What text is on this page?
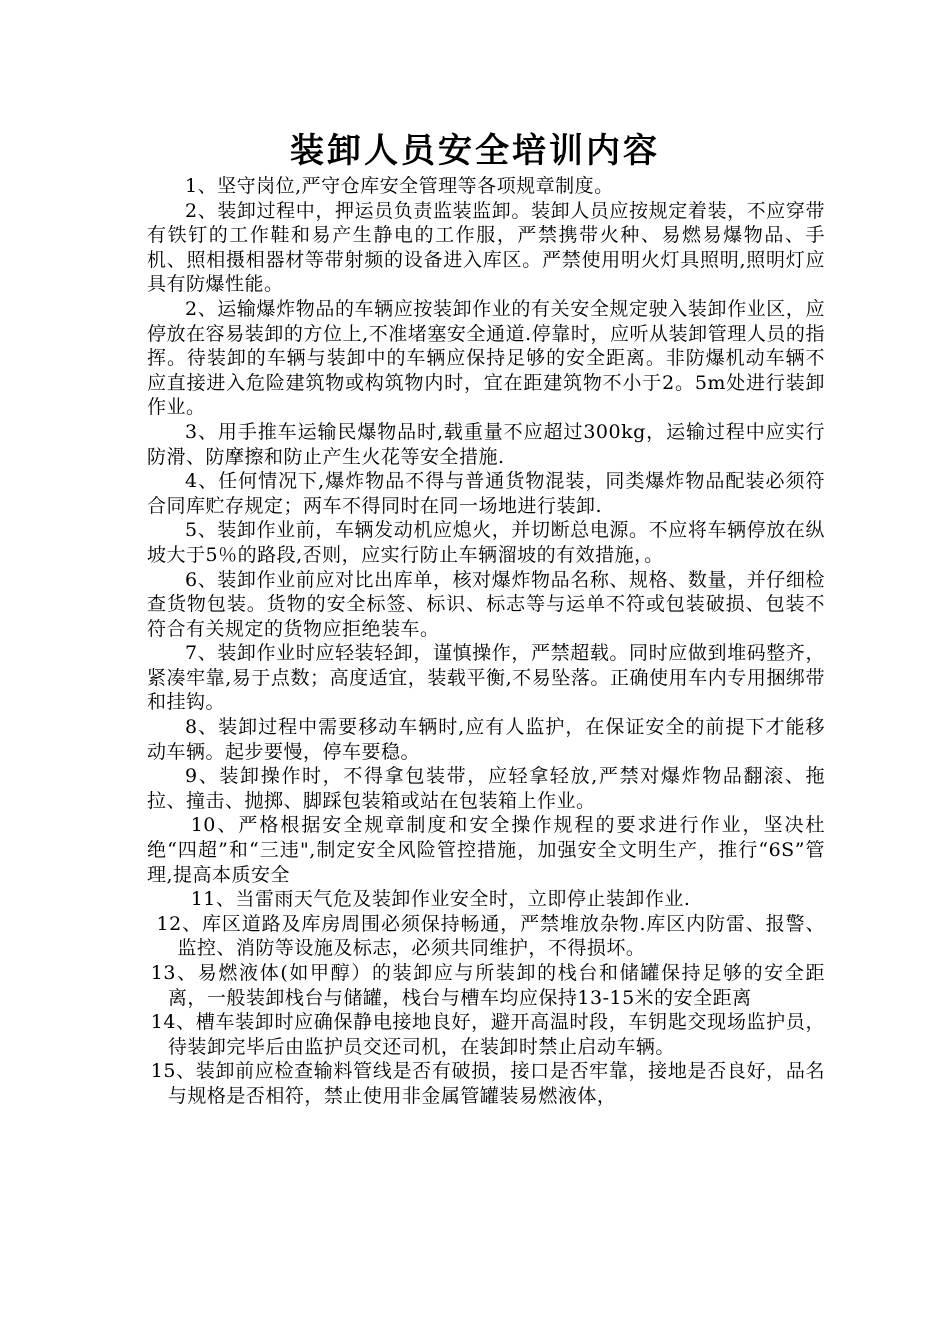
装卸人员安全培训内容

1、坚守岗位,严守仓库安全管理等各项规章制度。

2、装卸过程中，押运员负责监装监卸。装卸人员应按规定着装，不应穿带有铁钉的工作鞋和易产生静电的工作服，严禁携带火种、易燃易爆物品、手机、照相摄相器材等带射频的设备进入库区。严禁使用明火灯具照明,照明灯应具有防爆性能。

2、运输爆炸物品的车辆应按装卸作业的有关安全规定驶入装卸作业区，应停放在容易装卸的方位上,不准堵塞安全通道.停靠时，应听从装卸管理人员的指挥。待装卸的车辆与装卸中的车辆应保持足够的安全距离。非防爆机动车辆不应直接进入危险建筑物或构筑物内时，宜在距建筑物不小于2。5m处进行装卸作业。

3、用手推车运输民爆物品时,载重量不应超过300kg，运输过程中应实行防滑、防摩擦和防止产生火花等安全措施.

4、任何情况下,爆炸物品不得与普通货物混装，同类爆炸物品配装必须符合同库贮存规定；两车不得同时在同一场地进行装卸.

5、装卸作业前，车辆发动机应熄火，并切断总电源。不应将车辆停放在纵坡大于5％的路段,否则，应实行防止车辆溜坡的有效措施，。

6、装卸作业前应对比出库单，核对爆炸物品名称、规格、数量，并仔细检查货物包装。货物的安全标签、标识、标志等与运单不符或包装破损、包装不符合有关规定的货物应拒绝装车。

7、装卸作业时应轻装轻卸，谨慎操作，严禁超载。同时应做到堆码整齐，紧凑牢靠,易于点数；高度适宜，装载平衡,不易坠落。正确使用车内专用捆绑带和挂钩。

8、装卸过程中需要移动车辆时,应有人监护，在保证安全的前提下才能移动车辆。起步要慢，停车要稳。

9、装卸操作时，不得拿包装带，应轻拿轻放,严禁对爆炸物品翻滚、拖拉、撞击、抛掷、脚踩包装箱或站在包装箱上作业。

10、严格根据安全规章制度和安全操作规程的要求进行作业，坚决杜绝“四超”和“三违",制定安全风险管控措施，加强安全文明生产，推行“6S”管理,提高本质安全

11、当雷雨天气危及装卸作业安全时，立即停止装卸作业.

12、库区道路及库房周围必须保持畅通，严禁堆放杂物.库区内防雷、报警、监控、消防等设施及标志，必须共同维护，不得损坏。

13、易燃液体(如甲醇）的装卸应与所装卸的栈台和储罐保持足够的安全距离，一般装卸栈台与储罐，栈台与槽车均应保持13-15米的安全距离

14、槽车装卸时应确保静电接地良好，避开高温时段，车钥匙交现场监护员，待装卸完毕后由监护员交还司机，在装卸时禁止启动车辆。

15、装卸前应检查输料管线是否有破损，接口是否牢靠，接地是否良好，品名与规格是否相符，禁止使用非金属管罐装易燃液体，
